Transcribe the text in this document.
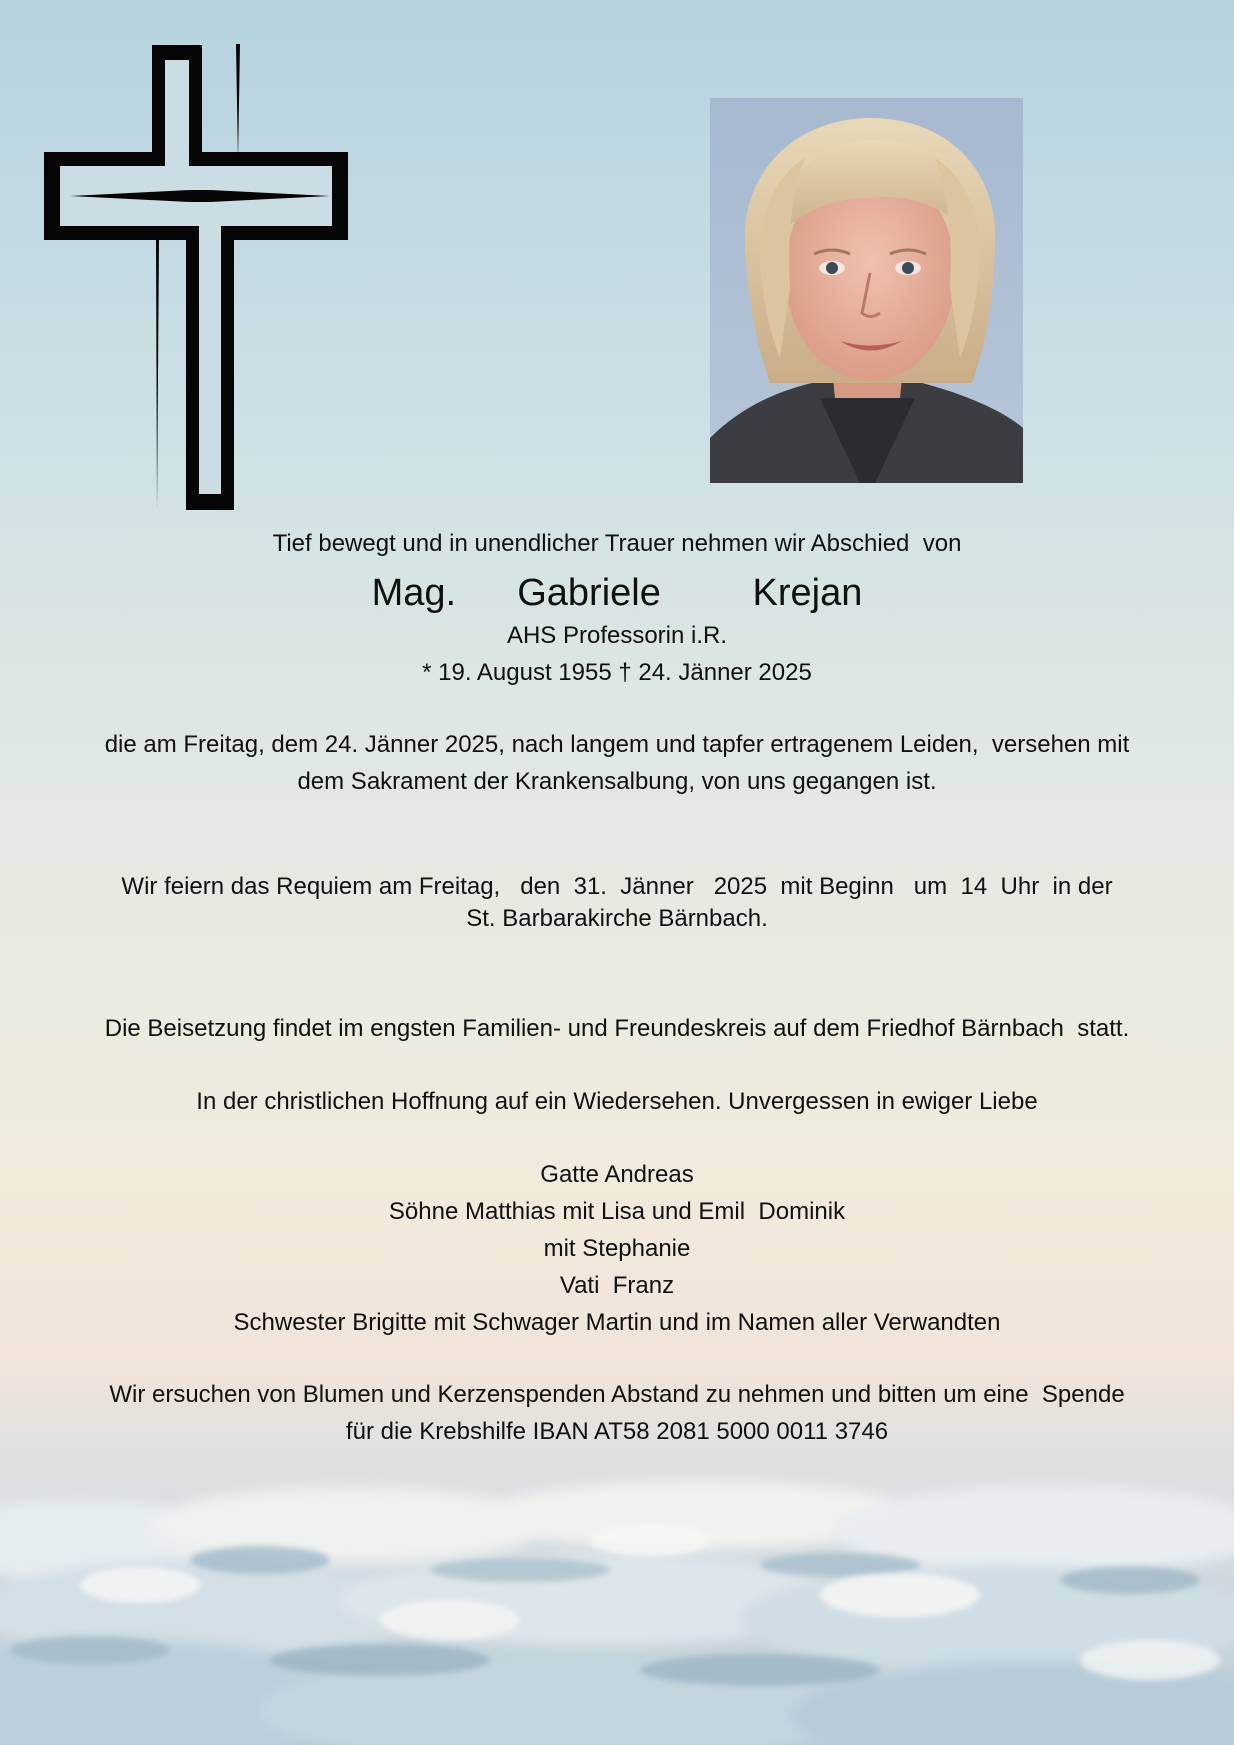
Tief bewegt und in unendlicher Trauer nehmen wir Abschied  von
Mag.  Gabriele   Krejan
AHS Professorin i.R.
* 19. August 1955 † 24. Jänner 2025
die am Freitag, dem 24. Jänner 2025, nach langem und tapfer ertragenem Leiden,  versehen mit
dem Sakrament der Krankensalbung, von uns gegangen ist.
Wir feiern das Requiem am Freitag,   den  31.  Jänner   2025  mit Beginn   um  14  Uhr  in der
St. Barbarakirche Bärnbach.
Die Beisetzung findet im engsten Familien- und Freundeskreis auf dem Friedhof Bärnbach  statt.
In der christlichen Hoffnung auf ein Wiedersehen. Unvergessen in ewiger Liebe
Gatte Andreas
Söhne Matthias mit Lisa und Emil  Dominik
mit Stephanie
Vati  Franz
Schwester Brigitte mit Schwager Martin und im Namen aller Verwandten
Wir ersuchen von Blumen und Kerzenspenden Abstand zu nehmen und bitten um eine  Spende
für die Krebshilfe IBAN AT58 2081 5000 0011 3746
